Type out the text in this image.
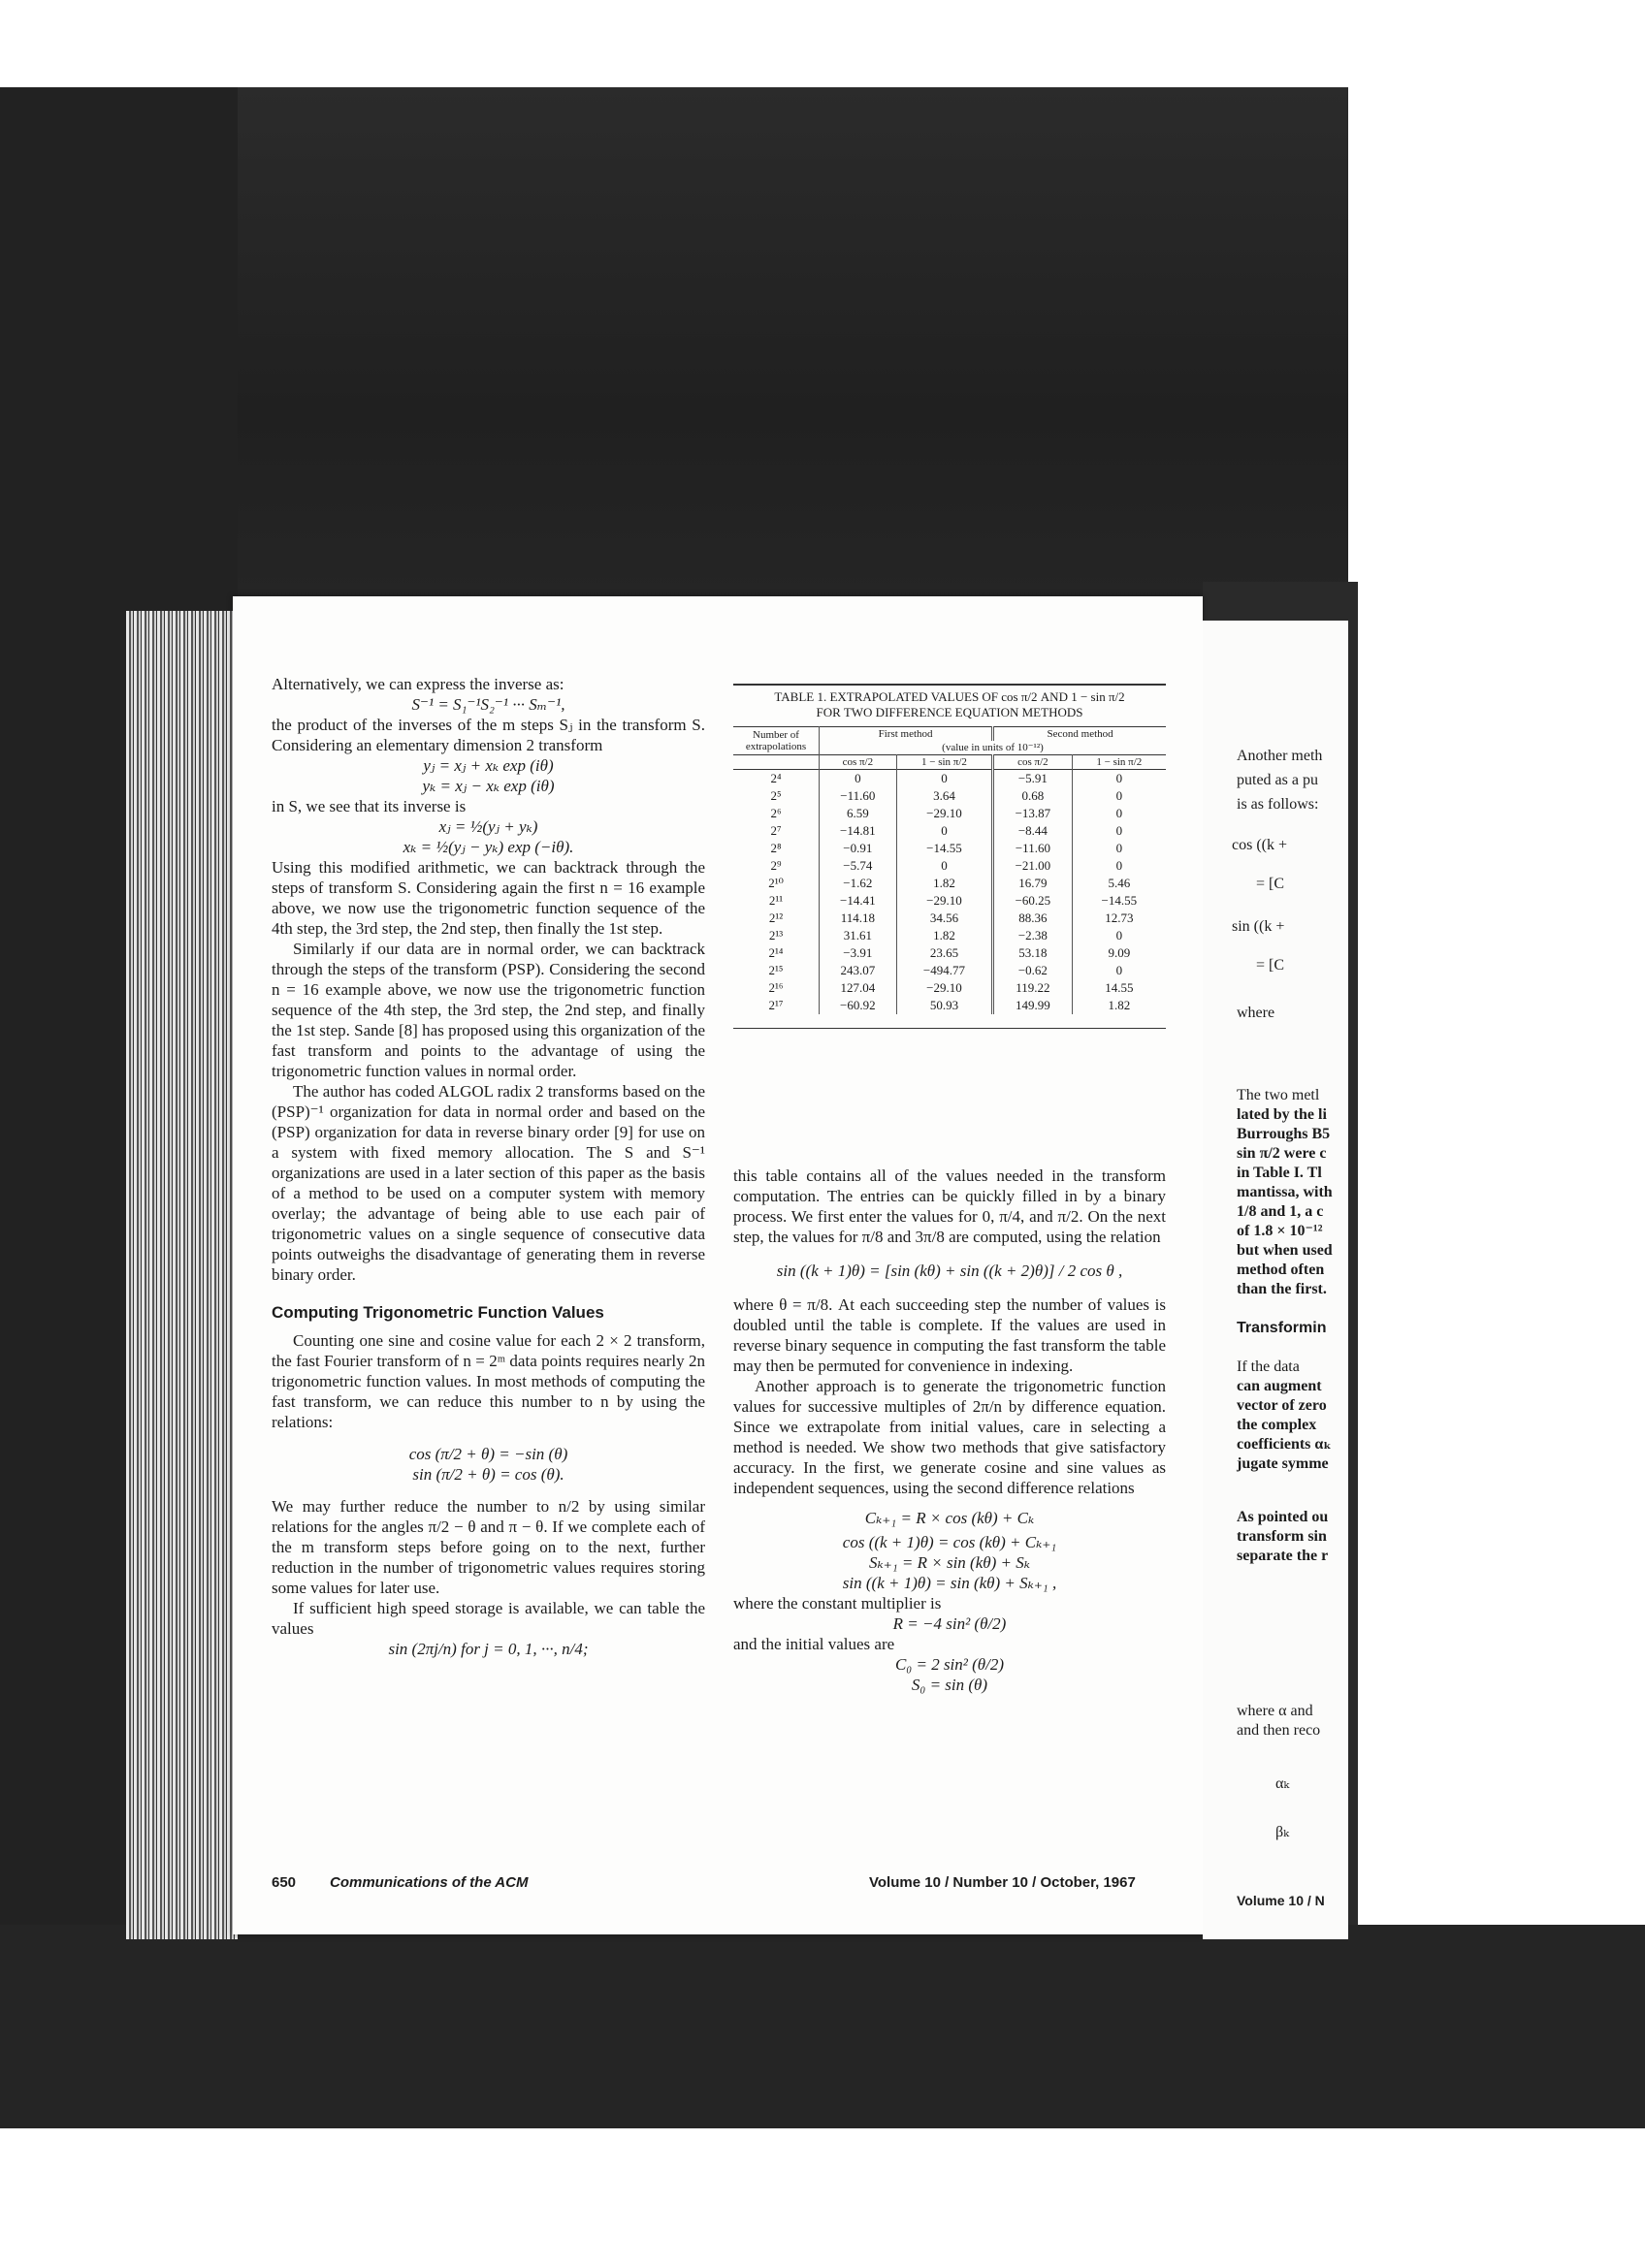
Alternatively, we can express the inverse as:

S⁻¹ = S₁⁻¹S₂⁻¹ ··· Sₘ⁻¹,

the product of the inverses of the m steps Sⱼ in the transform S. Considering an elementary dimension 2 transform

yⱼ = xⱼ + xₖ exp (iθ)

yₖ = xⱼ − xₖ exp (iθ)

in S, we see that its inverse is

xⱼ = ½(yⱼ + yₖ)

xₖ = ½(yⱼ − yₖ) exp (−iθ).

Using this modified arithmetic, we can backtrack through the steps of transform S. Considering again the first n = 16 example above, we now use the trigonometric function sequence of the 4th step, the 3rd step, the 2nd step, then finally the 1st step.

Similarly if our data are in normal order, we can backtrack through the steps of the transform (PSP). Considering the second n = 16 example above, we now use the trigonometric function sequence of the 4th step, the 3rd step, the 2nd step, and finally the 1st step. Sande [8] has proposed using this organization of the fast transform and points to the advantage of using the trigonometric function values in normal order.

The author has coded ALGOL radix 2 transforms based on the (PSP)⁻¹ organization for data in normal order and based on the (PSP) organization for data in reverse binary order [9] for use on a system with fixed memory allocation. The S and S⁻¹ organizations are used in a later section of this paper as the basis of a method to be used on a computer system with memory overlay; the advantage of being able to use each pair of trigonometric values on a single sequence of consecutive data points outweighs the disadvantage of generating them in reverse binary order.

Computing Trigonometric Function Values

Counting one sine and cosine value for each 2 × 2 transform, the fast Fourier transform of n = 2ᵐ data points requires nearly 2n trigonometric function values. In most methods of computing the fast transform, we can reduce this number to n by using the relations:

cos (π/2 + θ) = −sin (θ)

sin (π/2 + θ) = cos (θ).

We may further reduce the number to n/2 by using similar relations for the angles π/2 − θ and π − θ. If we complete each of the m transform steps before going on to the next, further reduction in the number of trigonometric values requires storing some values for later use.

If sufficient high speed storage is available, we can table the values

sin (2πj/n) for j = 0, 1, ···, n/4;

TABLE 1. EXTRAPOLATED VALUES OF cos π/2 AND 1 − sin π/2
FOR TWO DIFFERENCE EQUATION METHODS
Number of extrapolations	First method		Second method	
	(value in units of 10⁻¹²)			
	cos π/2	1 − sin π/2	cos π/2	1 − sin π/2
2⁴	0	0	−5.91	0
2⁵	−11.60	3.64	0.68	0
2⁶	6.59	−29.10	−13.87	0
2⁷	−14.81	0	−8.44	0
2⁸	−0.91	−14.55	−11.60	0
2⁹	−5.74	0	−21.00	0
2¹⁰	−1.62	1.82	16.79	5.46
2¹¹	−14.41	−29.10	−60.25	−14.55
2¹²	114.18	34.56	88.36	12.73
2¹³	31.61	1.82	−2.38	0
2¹⁴	−3.91	23.65	53.18	9.09
2¹⁵	243.07	−494.77	−0.62	0
2¹⁶	127.04	−29.10	119.22	14.55
2¹⁷	−60.92	50.93	149.99	1.82

this table contains all of the values needed in the transform computation. The entries can be quickly filled in by a binary process. We first enter the values for 0, π/4, and π/2. On the next step, the values for π/8 and 3π/8 are computed, using the relation

sin ((k + 1)θ) = [sin (kθ) + sin ((k + 2)θ)] / 2 cos θ ,

where θ = π/8. At each succeeding step the number of values is doubled until the table is complete. If the values are used in reverse binary sequence in computing the fast transform the table may then be permuted for convenience in indexing.

Another approach is to generate the trigonometric function values for successive multiples of 2π/n by difference equation. Since we extrapolate from initial values, care in selecting a method is needed. We show two methods that give satisfactory accuracy. In the first, we generate cosine and sine values as independent sequences, using the second difference relations

Cₖ₊₁ = R × cos (kθ) + Cₖ

cos ((k + 1)θ) = cos (kθ) + Cₖ₊₁

Sₖ₊₁ = R × sin (kθ) + Sₖ

sin ((k + 1)θ) = sin (kθ) + Sₖ₊₁ ,

where the constant multiplier is

R = −4 sin² (θ/2)

and the initial values are

C₀ = 2 sin² (θ/2)

S₀ = sin (θ)

650 Communications of the ACM	Volume 10 / Number 10 / October, 1967
Another meth
puted as a pu
is as follows:
cos ((k +
= [C
sin ((k +
= [C
where
The two metl
lated by the li
Burroughs B5
sin π/2 were c
in Table I. Tl
mantissa, with
1/8 and 1, a c
of 1.8 × 10⁻¹²
but when used
method often
than the first.
Transformin
If the data
can augment
vector of zero
the complex
coefficients αₖ
jugate symme
As pointed ou
transform sin
separate the r
where α and
and then reco
αₖ
βₖ
Volume 10 / N
